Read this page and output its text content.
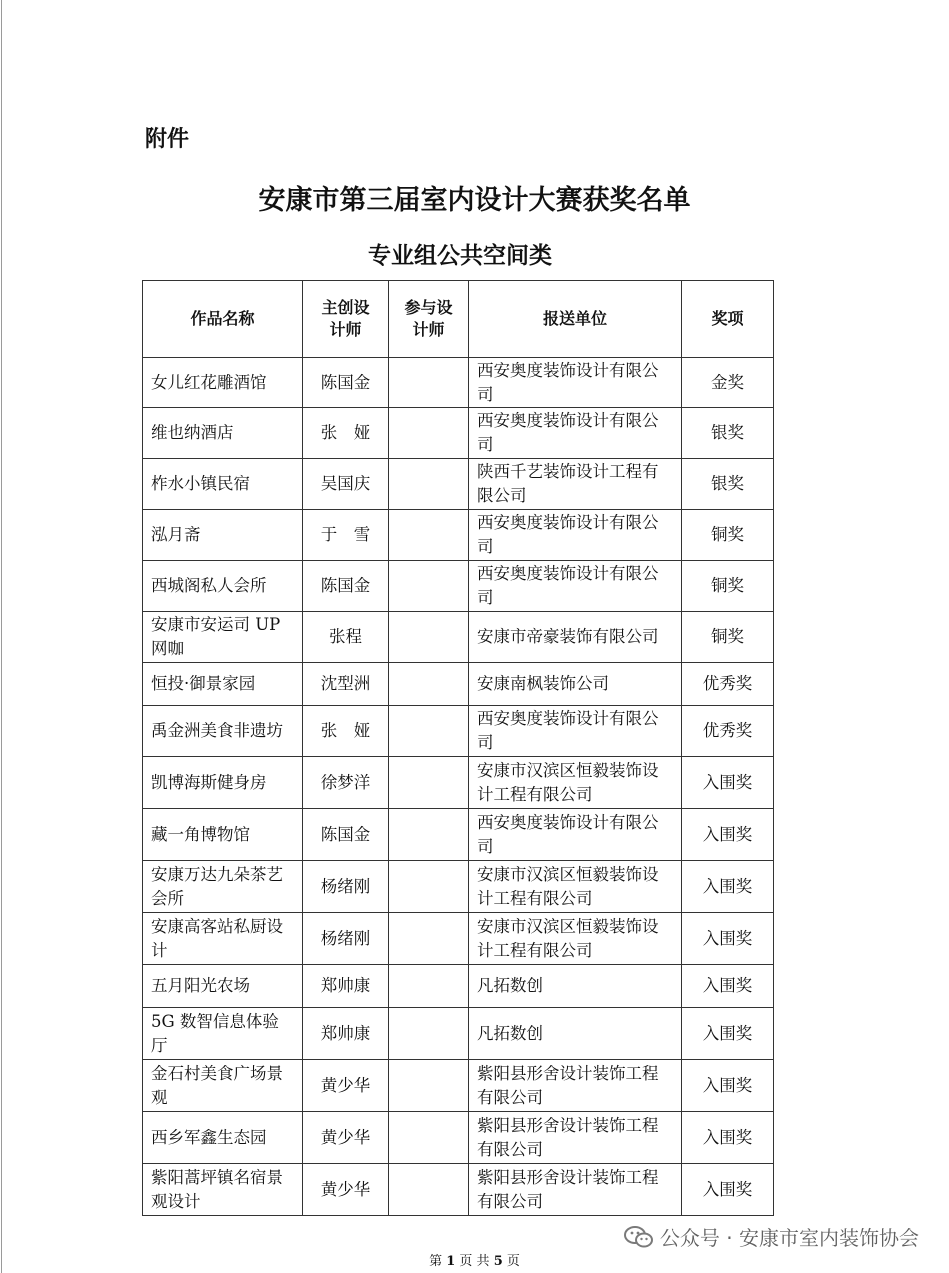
附件
安康市第三届室内设计大赛获奖名单
专业组公共空间类
作品名称	主创设计师	参与设计师	报送单位	奖项
女儿红花雕酒馆	陈国金		西安奥度装饰设计有限公司	金奖
维也纳酒店	张　娅		西安奥度装饰设计有限公司	银奖
柞水小镇民宿	吴国庆		陕西千艺装饰设计工程有限公司	银奖
泓月斋	于　雪		西安奥度装饰设计有限公司	铜奖
西城阁私人会所	陈国金		西安奥度装饰设计有限公司	铜奖
安康市安运司 UP 网咖	张程		安康市帝豪装饰有限公司	铜奖
恒投·御景家园	沈型洲		安康南枫装饰公司	优秀奖
禹金洲美食非遗坊	张　娅		西安奥度装饰设计有限公司	优秀奖
凯博海斯健身房	徐梦洋		安康市汉滨区恒毅装饰设计工程有限公司	入围奖
藏一角博物馆	陈国金		西安奥度装饰设计有限公司	入围奖
安康万达九朵茶艺会所	杨绪刚		安康市汉滨区恒毅装饰设计工程有限公司	入围奖
安康高客站私厨设计	杨绪刚		安康市汉滨区恒毅装饰设计工程有限公司	入围奖
五月阳光农场	郑帅康		凡拓数创	入围奖
5G 数智信息体验厅	郑帅康		凡拓数创	入围奖
金石村美食广场景观	黄少华		紫阳县形舍设计装饰工程有限公司	入围奖
西乡军鑫生态园	黄少华		紫阳县形舍设计装饰工程有限公司	入围奖
紫阳蒿坪镇名宿景观设计	黄少华		紫阳县形舍设计装饰工程有限公司	入围奖
公众号 · 安康市室内装饰协会
第 1 页 共 5 页
